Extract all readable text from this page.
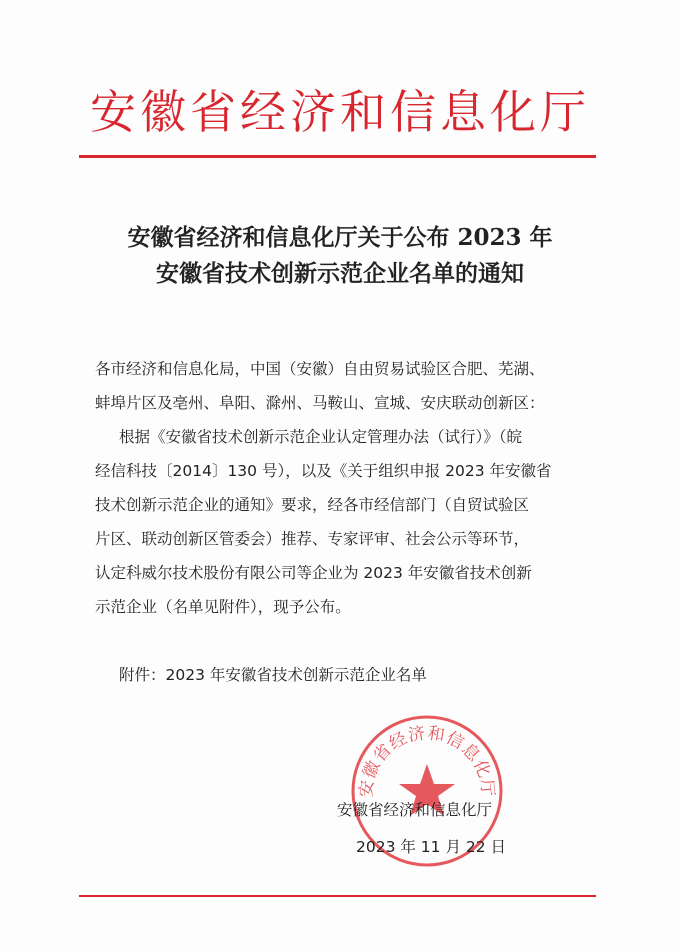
安徽省经济和信息化厅
安徽省经济和信息化厅关于公布 2023 年
安徽省技术创新示范企业名单的通知
各市经济和信息化局，中国（安徽）自由贸易试验区合肥、芜湖、
蚌埠片区及亳州、阜阳、滁州、马鞍山、宣城、安庆联动创新区：
根据《安徽省技术创新示范企业认定管理办法（试行）》（皖
经信科技〔2014〕130 号），以及《关于组织申报 2023 年安徽省
技术创新示范企业的通知》要求，经各市经信部门（自贸试验区
片区、联动创新区管委会）推荐、专家评审、社会公示等环节，
认定科威尔技术股份有限公司等企业为 2023 年安徽省技术创新
示范企业（名单见附件），现予公布。
附件：2023 年安徽省技术创新示范企业名单
安徽省经济和信息化厅
安徽省经济和信息化厅
2023 年 11 月 22 日
